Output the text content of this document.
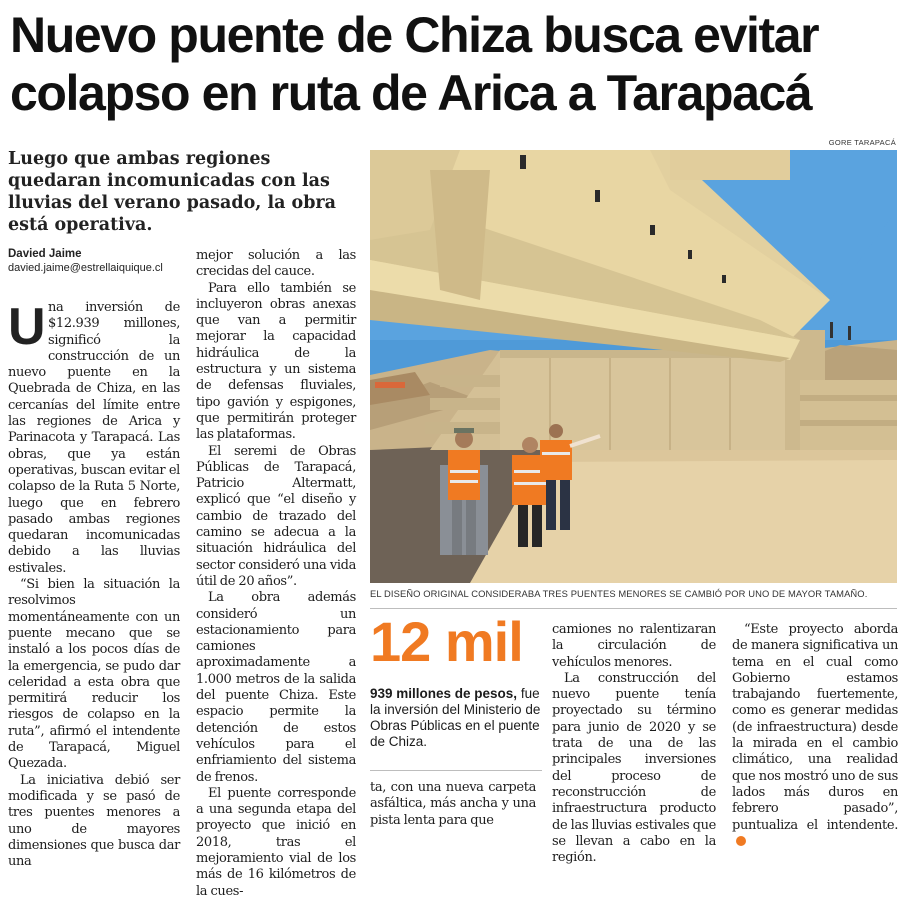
Nuevo puente de Chiza busca evitar colapso en ruta de Arica a Tarapacá
Luego que ambas regiones quedaran incomunicadas con las lluvias del verano pasado, la obra está operativa.
Davied Jaime
davied.jaime@estrellaiquique.cl

Una inversión de $12.939 millones, significó la construcción de un nuevo puente en la Quebrada de Chiza, en las cercanías del límite entre las regiones de Arica y Parinacota y Tarapacá. Las obras, que ya están operativas, buscan evitar el colapso de la Ruta 5 Norte, luego que en febrero pasado ambas regiones quedaran incomunicadas debido a las lluvias estivales.

“Si bien la situación la resolvimos momentáneamente con un puente mecano que se instaló a los pocos días de la emergencia, se pudo dar celeridad a esta obra que permitirá reducir los riesgos de colapso en la ruta”, afirmó el intendente de Tarapacá, Miguel Quezada.

La iniciativa debió ser modificada y se pasó de tres puentes menores a uno de mayores dimensiones que busca dar una

mejor solución a las crecidas del cauce.

Para ello también se incluyeron obras anexas que van a permitir mejorar la capacidad hidráulica de la estructura y un sistema de defensas fluviales, tipo gavión y espigones, que permitirán proteger las plataformas.

El seremi de Obras Públicas de Tarapacá, Patricio Altermatt, explicó que “el diseño y cambio de trazado del camino se adecua a la situación hidráulica del sector consideró una vida útil de 20 años”.

La obra además consideró un estacionamiento para camiones aproximadamente a 1.000 metros de la salida del puente Chiza. Este espacio permite la detención de estos vehículos para el enfriamiento del sistema de frenos.

El puente corresponde a una segunda etapa del proyecto que inició en 2018, tras el mejoramiento vial de los más de 16 kilómetros de la cues-

GORE TARAPACÁ
EL DISEÑO ORIGINAL CONSIDERABA TRES PUENTES MENORES SE CAMBIÓ POR UNO DE MAYOR TAMAÑO.
12 mil
939 millones de pesos, fue la inversión del Ministerio de Obras Públicas en el puente de Chiza.

ta, con una nueva carpeta asfáltica, más ancha y una pista lenta para que

camiones no ralentizaran la circulación de vehículos menores.

La construcción del nuevo puente tenía proyectado su término para junio de 2020 y se trata de una de las principales inversiones del proceso de reconstrucción de infraestructura producto de las lluvias estivales que se llevan a cabo en la región.

“Este proyecto aborda de manera significativa un tema en el cual como Gobierno estamos trabajando fuertemente, como es generar medidas (de infraestructura) desde la mirada en el cambio climático, una realidad que nos mostró uno de sus lados más duros en febrero pasado”, puntualiza el intendente.✪
